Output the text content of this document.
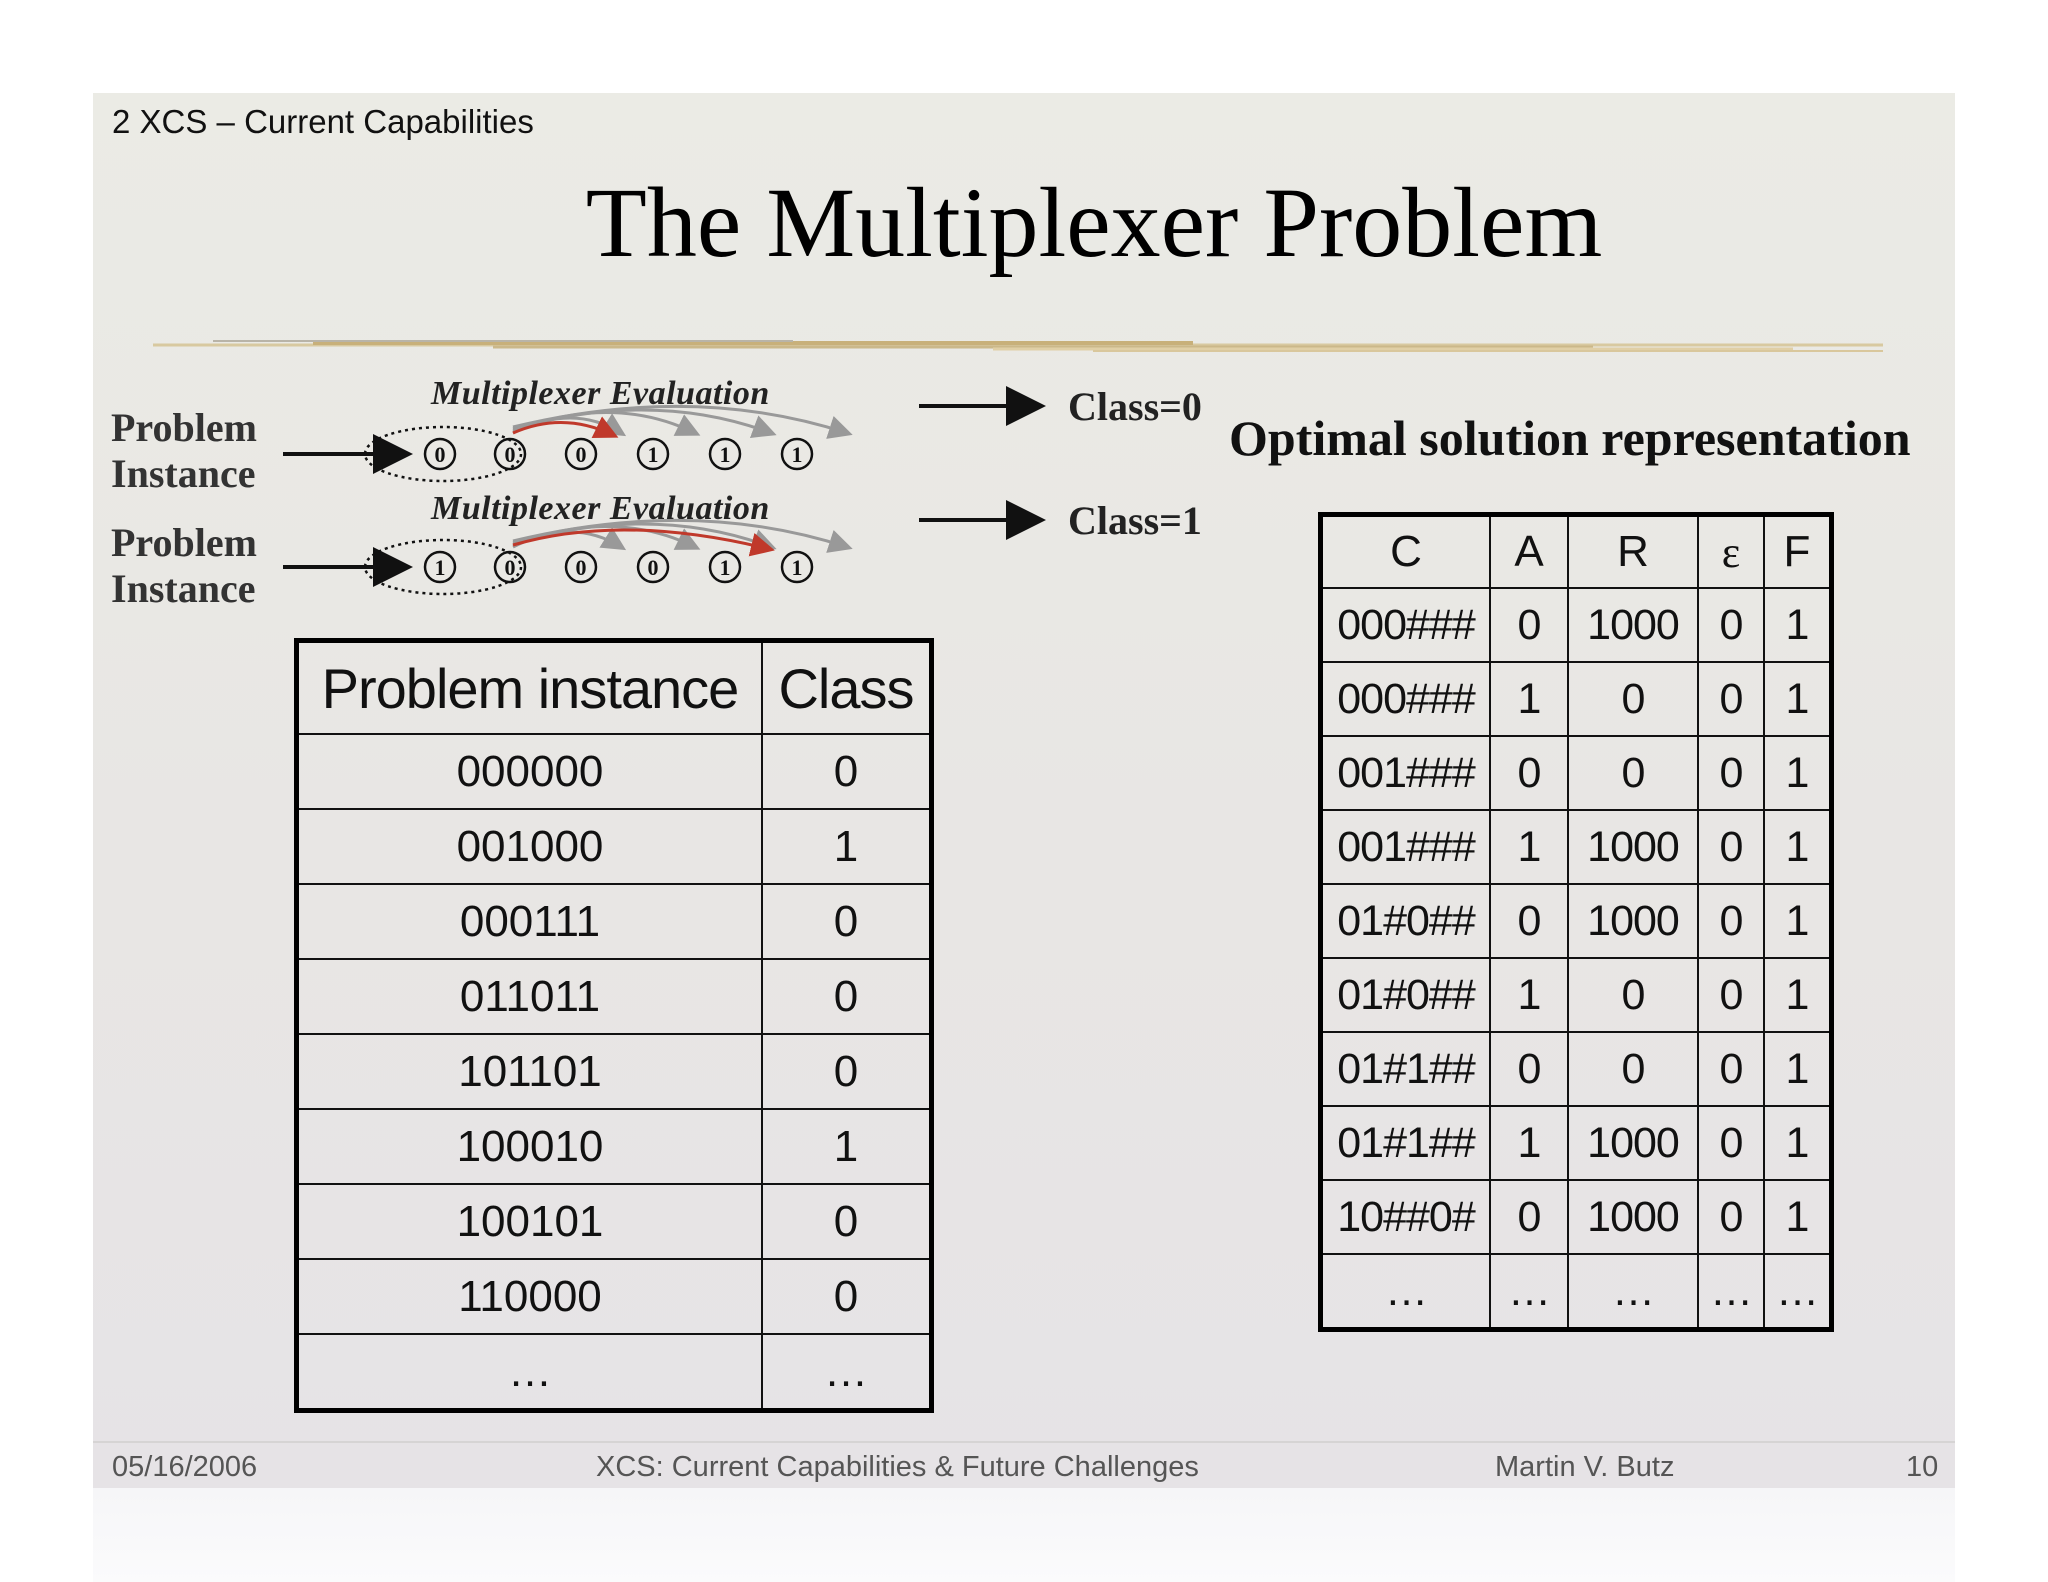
2 XCS – Current Capabilities
The Multiplexer Problem
Problem
Instance
Problem
Instance
Multiplexer Evaluation
Multiplexer Evaluation
Class=0
Class=1
0	0	0	1	1	1
1	0	0	0	1	1
Optimal solution representation
Problem instance	Class
000000	0
001000	1
000111	0
011011	0
101101	0
100010	1
100101	0
110000	0
…	…
C	A	R	ε	F
000###	0	1000	0	1
000###	1	0	0	1
001###	0	0	0	1
001###	1	1000	0	1
01#0##	0	1000	0	1
01#0##	1	0	0	1
01#1##	0	0	0	1
01#1##	1	1000	0	1
10##0#	0	1000	0	1
…	…	…	…	…
05/16/2006	XCS: Current Capabilities & Future Challenges	Martin V. Butz	10
